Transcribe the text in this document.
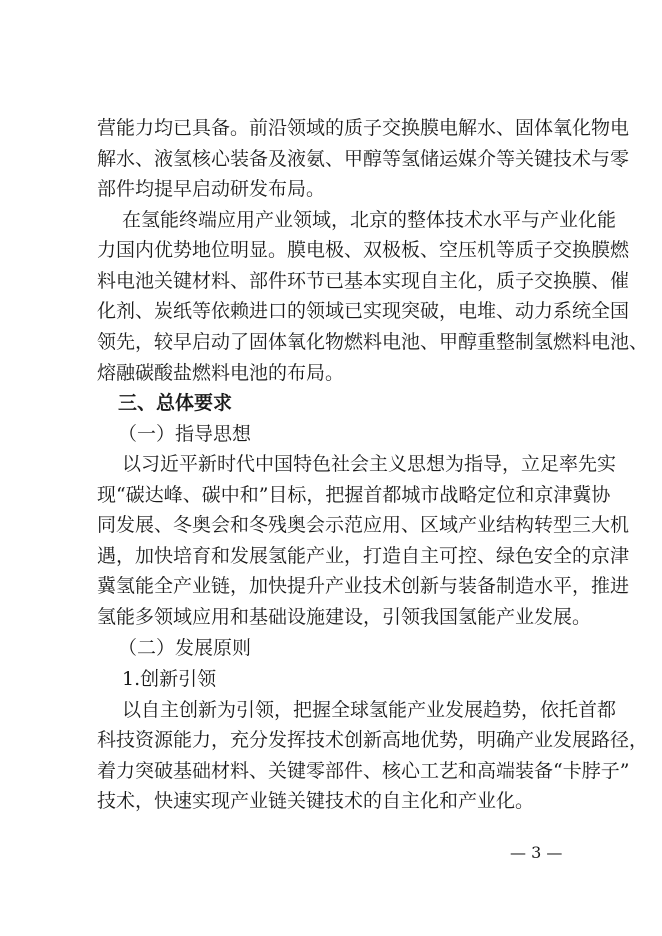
营能力均已具备。前沿领域的质子交换膜电解水、固体氧化物电
解水、液氢核心装备及液氨、甲醇等氢储运媒介等关键技术与零
部件均提早启动研发布局。
在氢能终端应用产业领域，北京的整体技术水平与产业化能
力国内优势地位明显。膜电极、双极板、空压机等质子交换膜燃
料电池关键材料、部件环节已基本实现自主化，质子交换膜、催
化剂、炭纸等依赖进口的领域已实现突破，电堆、动力系统全国
领先，较早启动了固体氧化物燃料电池、甲醇重整制氢燃料电池、
熔融碳酸盐燃料电池的布局。
三、总体要求
（一）指导思想
以习近平新时代中国特色社会主义思想为指导，立足率先实
现“碳达峰、碳中和”目标，把握首都城市战略定位和京津冀协
同发展、冬奥会和冬残奥会示范应用、区域产业结构转型三大机
遇，加快培育和发展氢能产业，打造自主可控、绿色安全的京津
冀氢能全产业链，加快提升产业技术创新与装备制造水平，推进
氢能多领域应用和基础设施建设，引领我国氢能产业发展。
（二）发展原则
1.创新引领
以自主创新为引领，把握全球氢能产业发展趋势，依托首都
科技资源能力，充分发挥技术创新高地优势，明确产业发展路径，
着力突破基础材料、关键零部件、核心工艺和高端装备“卡脖子”
技术，快速实现产业链关键技术的自主化和产业化。
— 3 —
